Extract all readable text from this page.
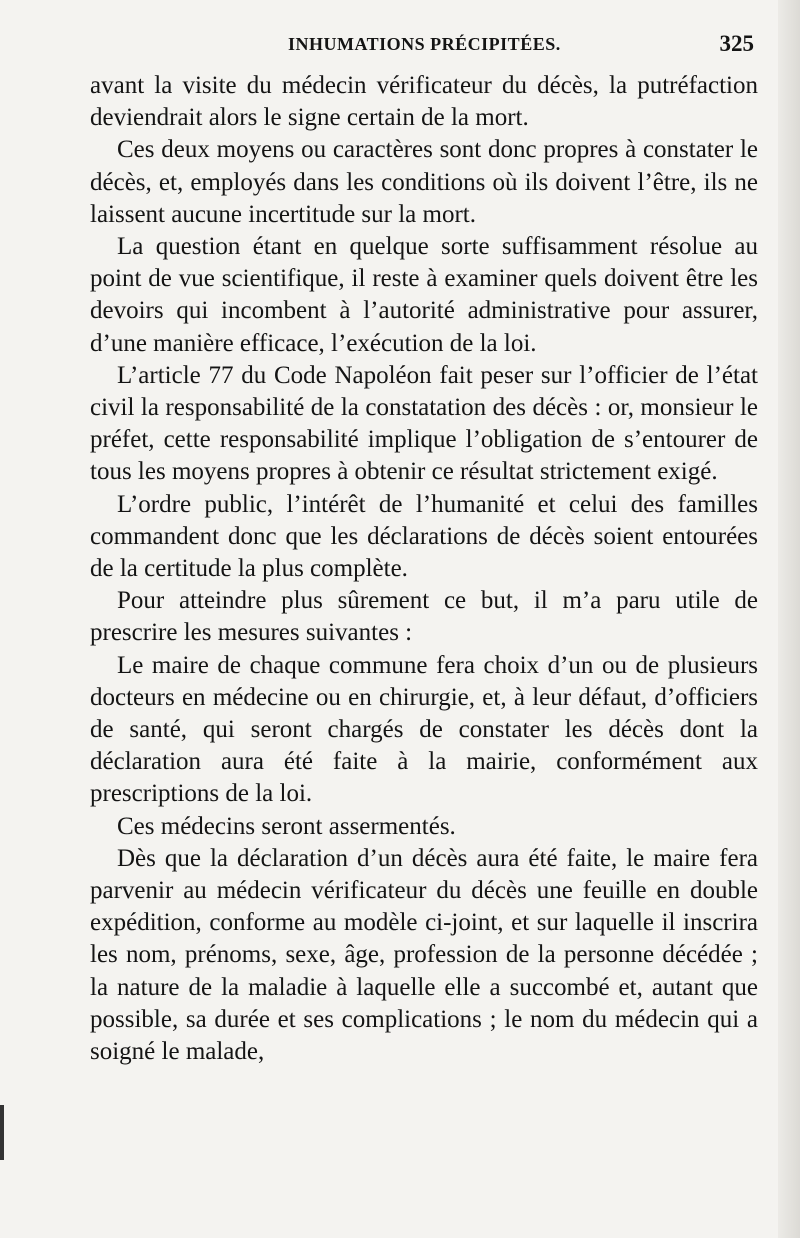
INHUMATIONS PRÉCIPITÉES.	325

avant la visite du médecin vérificateur du décès, la putréfaction deviendrait alors le signe certain de la mort.

Ces deux moyens ou caractères sont donc propres à constater le décès, et, employés dans les conditions où ils doivent l’être, ils ne laissent aucune incertitude sur la mort.

La question étant en quelque sorte suffisamment résolue au point de vue scientifique, il reste à examiner quels doivent être les devoirs qui incombent à l’autorité administrative pour assurer, d’une manière efficace, l’exécution de la loi.

L’article 77 du Code Napoléon fait peser sur l’officier de l’état civil la responsabilité de la constatation des décès : or, monsieur le préfet, cette responsabilité implique l’obligation de s’entourer de tous les moyens propres à obtenir ce résultat strictement exigé.

L’ordre public, l’intérêt de l’humanité et celui des familles commandent donc que les déclarations de décès soient entourées de la certitude la plus complète.

Pour atteindre plus sûrement ce but, il m’a paru utile de prescrire les mesures suivantes :

Le maire de chaque commune fera choix d’un ou de plusieurs docteurs en médecine ou en chirurgie, et, à leur défaut, d’officiers de santé, qui seront chargés de constater les décès dont la déclaration aura été faite à la mairie, conformément aux prescriptions de la loi.

Ces médecins seront assermentés.

Dès que la déclaration d’un décès aura été faite, le maire fera parvenir au médecin vérificateur du décès une feuille en double expédition, conforme au modèle ci-joint, et sur laquelle il inscrira les nom, prénoms, sexe, âge, profession de la personne décédée ; la nature de la maladie à laquelle elle a succombé et, autant que possible, sa durée et ses complications ; le nom du médecin qui a soigné le malade,
